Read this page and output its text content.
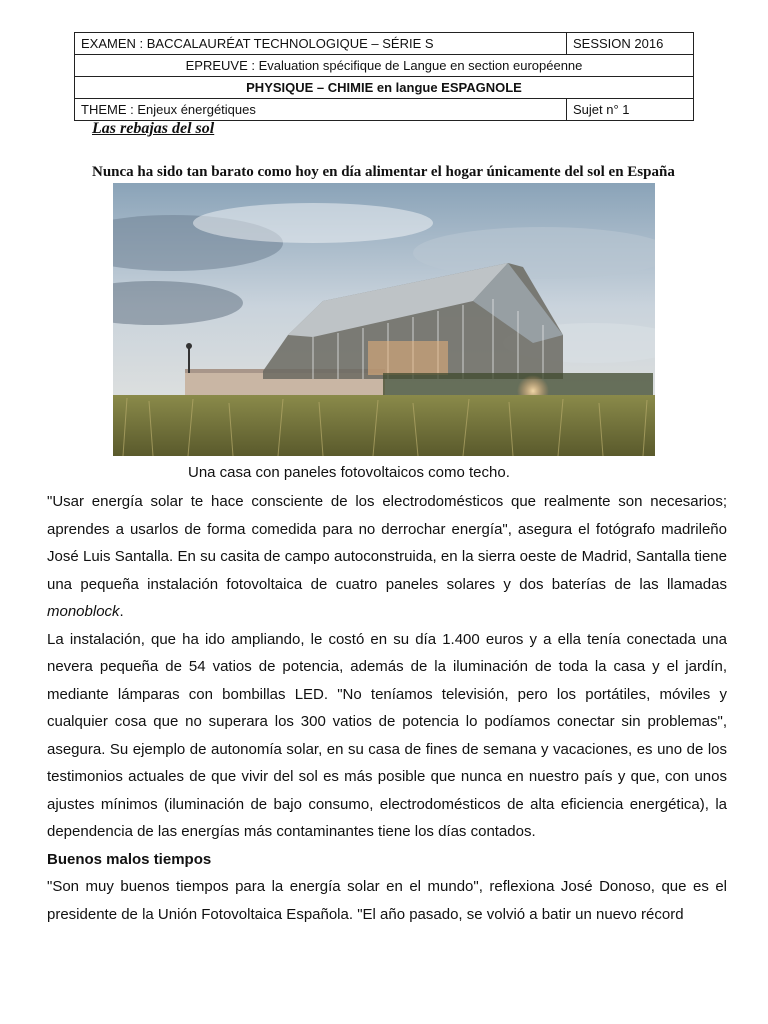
EXAMEN : BACCALAURÉAT TECHNOLOGIQUE – SÉRIE S	SESSION 2016
EPREUVE : Evaluation spécifique de Langue en section européenne	
PHYSIQUE – CHIMIE en langue ESPAGNOLE	
THEME : Enjeux énergétiques	Sujet n° 1
Las rebajas del sol
Nunca ha sido tan barato como hoy en día alimentar el hogar únicamente del sol en España
Una casa con paneles fotovoltaicos como techo.

"Usar energía solar te hace consciente de los electrodomésticos que realmente son necesarios; aprendes a usarlos de forma comedida para no derrochar energía", asegura el fotógrafo madrileño José Luis Santalla. En su casita de campo autoconstruida, en la sierra oeste de Madrid, Santalla tiene una pequeña instalación fotovoltaica de cuatro paneles solares y dos baterías de las llamadas monoblock.

La instalación, que ha ido ampliando, le costó en su día 1.400 euros y a ella tenía conectada una nevera pequeña de 54 vatios de potencia, además de la iluminación de toda la casa y el jardín, mediante lámparas con bombillas LED. "No teníamos televisión, pero los portátiles, móviles y cualquier cosa que no superara los 300 vatios de potencia lo podíamos conectar sin problemas", asegura. Su ejemplo de autonomía solar, en su casa de fines de semana y vacaciones, es uno de los testimonios actuales de que vivir del sol es más posible que nunca en nuestro país y que, con unos ajustes mínimos (iluminación de bajo consumo, electrodomésticos de alta eficiencia energética), la dependencia de las energías más contaminantes tiene los días contados.

Buenos malos tiempos

"Son muy buenos tiempos para la energía solar en el mundo", reflexiona José Donoso, que es el presidente de la Unión Fotovoltaica Española. "El año pasado, se volvió a batir un nuevo récord
